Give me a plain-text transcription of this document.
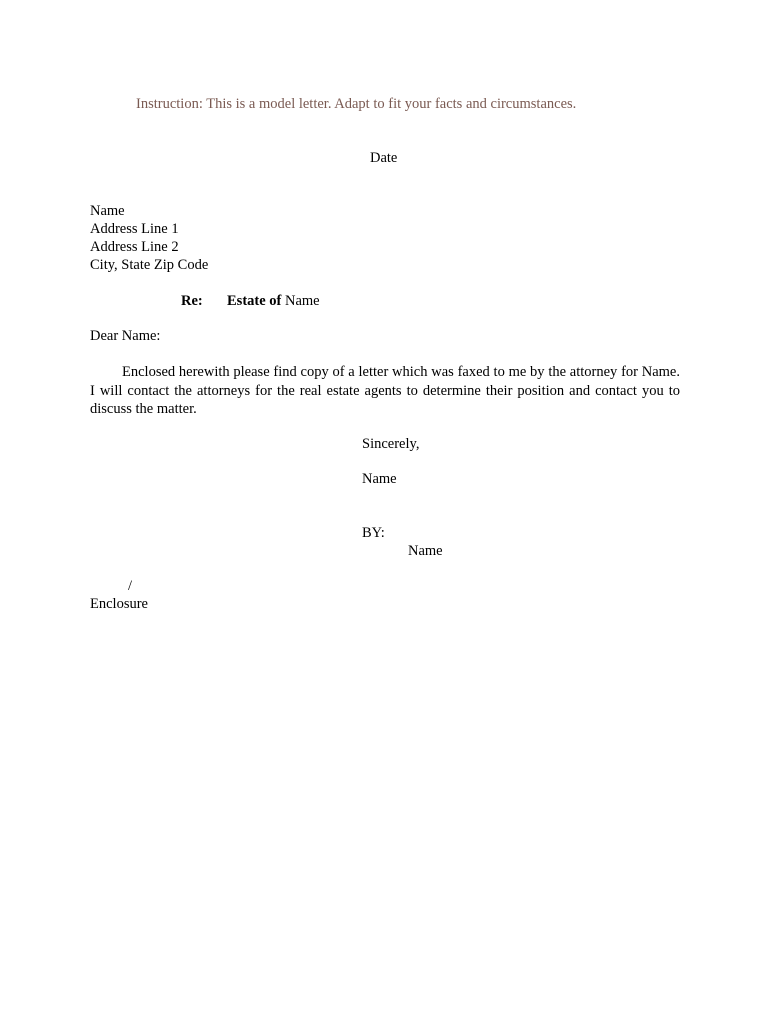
Instruction: This is a model letter. Adapt to fit your facts and circumstances.
Date
Name
Address Line 1
Address Line 2
City, State Zip Code
Re: Estate of Name
Dear Name:
Enclosed herewith please find copy of a letter which was faxed to me by the attorney for Name. I will contact the attorneys for the real estate agents to determine their position and contact you to discuss the matter.
Sincerely,
Name
BY:
Name
/
Enclosure
